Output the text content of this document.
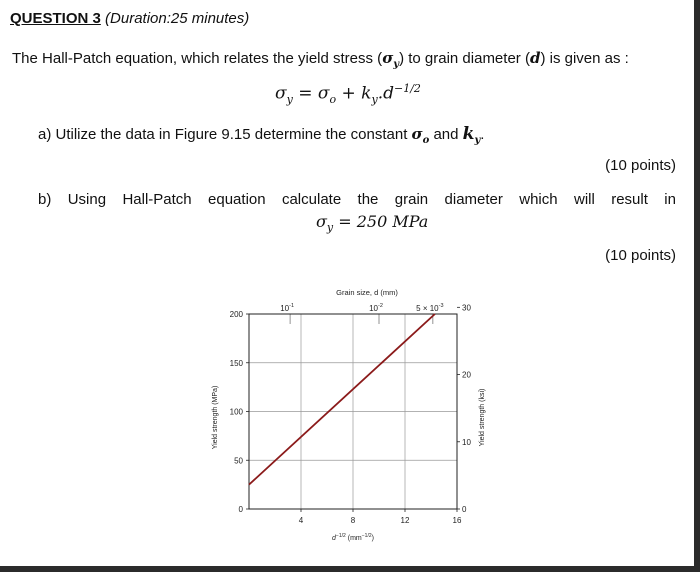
QUESTION 3 (Duration:25 minutes)
The Hall-Patch equation, which relates the yield stress $(\sigma_y)$ to grain diameter (d) is given as :
$\sigma_y = \sigma_o + k_y.d^{-1/2}$
a) Utilize the data in Figure 9.15 determine the constant $\sigma_o$ and $k_y$.
(10 points)
b) Using Hall-Patch equation calculate the grain diameter which will result in
$\sigma_y = 250$ MPa
(10 points)
Grain size, d (mm)
0
50
100
150
200
0
10
20
30
4	8	12	16
$10^{-1}$	$10^{-2}$	$5 \times 10^{-3}$
Yield strength (MPa)	Yield strength (ksi)
$d^{-1/2}$ $(mm^{-1/2})$
